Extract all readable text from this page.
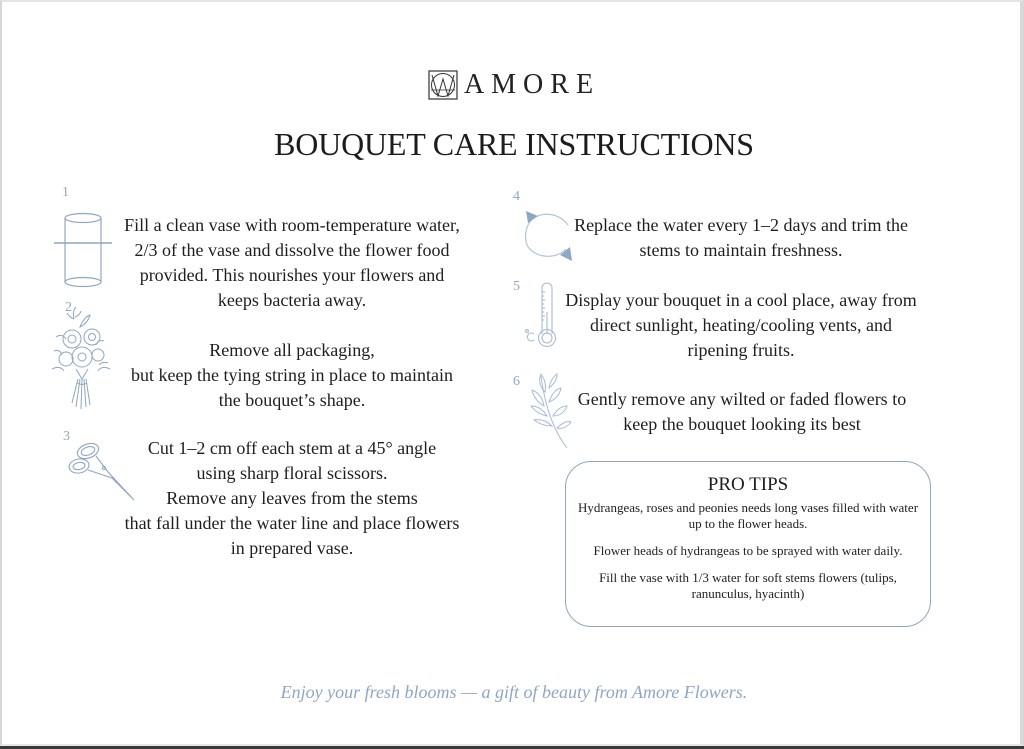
AMORE
BOUQUET CARE INSTRUCTIONS
1
Fill a clean vase with room-temperature water,
2/3 of the vase and dissolve the flower food
provided. This nourishes your flowers and
keeps bacteria away.
2
Remove all packaging,
but keep the tying string in place to maintain
the bouquet’s shape.
3
Cut 1–2 cm off each stem at a 45° angle
using sharp floral scissors.
Remove any leaves from the stems
that fall under the water line and place flowers
in prepared vase.
4
Replace the water every 1–2 days and trim the
stems to maintain freshness.
5
Display your bouquet in a cool place, away from
direct sunlight, heating/cooling vents, and
ripening fruits.
6
Gently remove any wilted or faded flowers to
keep the bouquet looking its best
PRO TIPS
Hydrangeas, roses and peonies needs long vases filled with water up to the flower heads.
Flower heads of hydrangeas to be sprayed with water daily.
Fill the vase with 1/3 water for soft stems flowers (tulips, ranunculus, hyacinth)
Enjoy your fresh blooms — a gift of beauty from Amore Flowers.
